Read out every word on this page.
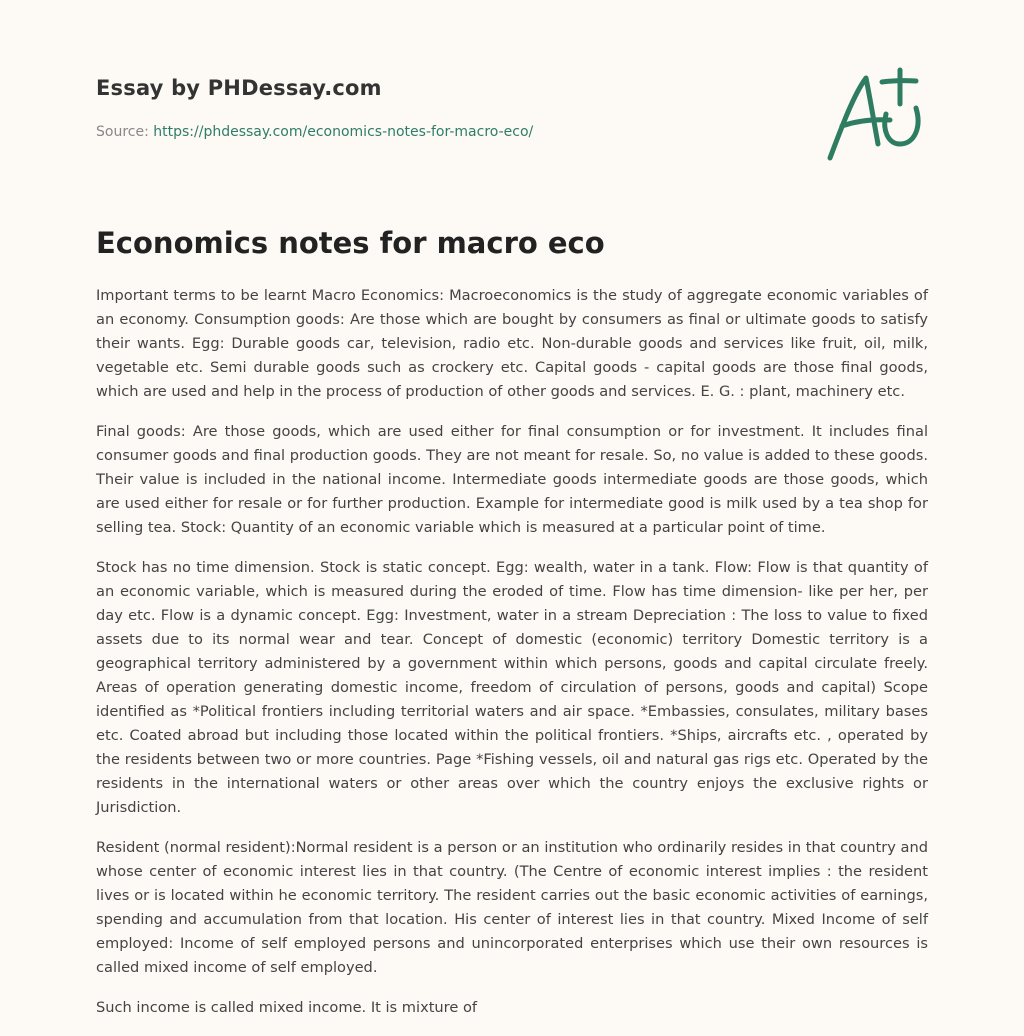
Essay by PHDessay.com
Source: https://phdessay.com/economics-notes-for-macro-eco/
Economics notes for macro eco

Important terms to be learnt Macro Economics: Macroeconomics is the study of aggregate economic variables of an economy. Consumption goods: Are those which are bought by consumers as final or ultimate goods to satisfy their wants. Egg: Durable goods car, television, radio etc. Non-durable goods and services like fruit, oil, milk, vegetable etc. Semi durable goods such as crockery etc. Capital goods - capital goods are those final goods, which are used and help in the process of production of other goods and services. E. G. : plant, machinery etc.

Final goods: Are those goods, which are used either for final consumption or for investment. It includes final consumer goods and final production goods. They are not meant for resale. So, no value is added to these goods. Their value is included in the national income. Intermediate goods intermediate goods are those goods, which are used either for resale or for further production. Example for intermediate good is milk used by a tea shop for selling tea. Stock: Quantity of an economic variable which is measured at a particular point of time.

Stock has no time dimension. Stock is static concept. Egg: wealth, water in a tank. Flow: Flow is that quantity of an economic variable, which is measured during the eroded of time. Flow has time dimension- like per her, per day etc. Flow is a dynamic concept. Egg: Investment, water in a stream Depreciation : The loss to value to fixed assets due to its normal wear and tear. Concept of domestic (economic) territory Domestic territory is a geographical territory administered by a government within which persons, goods and capital circulate freely. Areas of operation generating domestic income, freedom of circulation of persons, goods and capital) Scope identified as *Political frontiers including territorial waters and air space. *Embassies, consulates, military bases etc. Coated abroad but including those located within the political frontiers. *Ships, aircrafts etc. , operated by the residents between two or more countries. Page *Fishing vessels, oil and natural gas rigs etc. Operated by the residents in the international waters or other areas over which the country enjoys the exclusive rights or Jurisdiction.

Resident (normal resident):Normal resident is a person or an institution who ordinarily resides in that country and whose center of economic interest lies in that country. (The Centre of economic interest implies : the resident lives or is located within he economic territory. The resident carries out the basic economic activities of earnings, spending and accumulation from that location. His center of interest lies in that country. Mixed Income of self employed: Income of self employed persons and unincorporated enterprises which use their own resources is called mixed income of self employed.

Such income is called mixed income. It is mixture of
